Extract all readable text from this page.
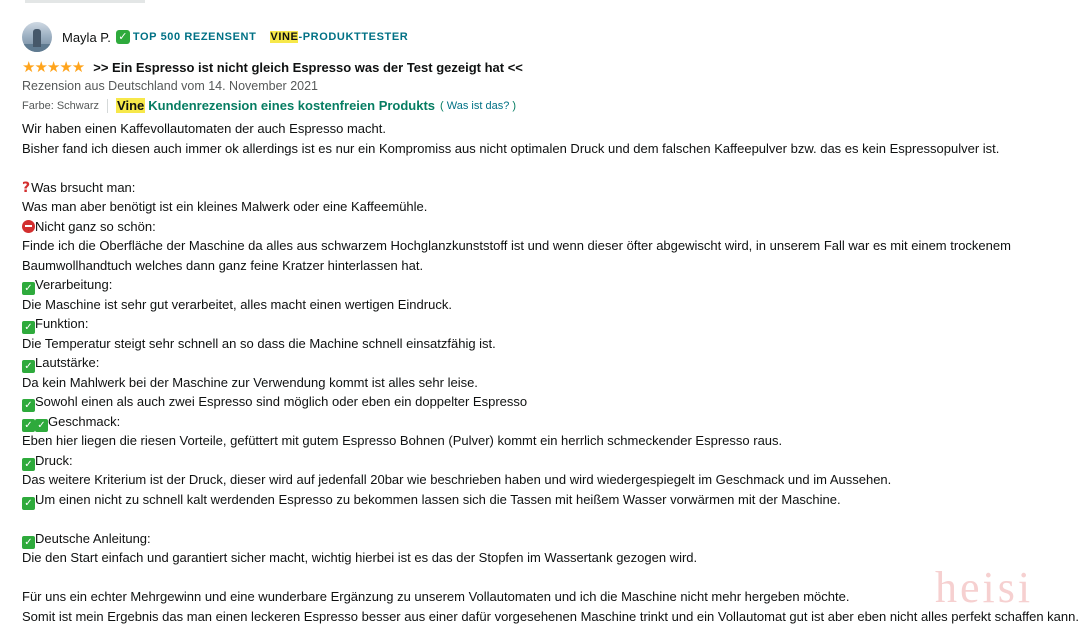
Mayla P. ✓ TOP 500 REZENSENT VINE-PRODUKTTESTER
★★★★★ >> Ein Espresso ist nicht gleich Espresso was der Test gezeigt hat <<
Rezension aus Deutschland vom 14. November 2021
Farbe: Schwarz Vine Kundenrezension eines kostenfreien Produkts ( Was ist das? )
Wir haben einen Kaffevollautomaten der auch Espresso macht.
Bisher fand ich diesen auch immer ok allerdings ist es nur ein Kompromiss aus nicht optimalen Druck und dem falschen Kaffeepulver bzw. das es kein Espressopulver ist.
?Was brsucht man:
Was man aber benötigt ist ein kleines Malwerk oder eine Kaffeemühle.
Nicht ganz so schön:
Finde ich die Oberfläche der Maschine da alles aus schwarzem Hochglanzkunststoff ist und wenn dieser öfter abgewischt wird, in unserem Fall war es mit einem trockenem
Baumwollhandtuch welches dann ganz feine Kratzer hinterlassen hat.
✓ Verarbeitung:
Die Maschine ist sehr gut verarbeitet, alles macht einen wertigen Eindruck.
✓ Funktion:
Die Temperatur steigt sehr schnell an so dass die Machine schnell einsatzfähig ist.
✓ Lautstärke:
Da kein Mahlwerk bei der Maschine zur Verwendung kommt ist alles sehr leise.
✓ Sowohl einen als auch zwei Espresso sind möglich oder eben ein doppelter Espresso
✓ ✓ Geschmack:
Eben hier liegen die riesen Vorteile, gefüttert mit gutem Espresso Bohnen (Pulver) kommt ein herrlich schmeckender Espresso raus.
✓ Druck:
Das weitere Kriterium ist der Druck, dieser wird auf jedenfall 20bar wie beschrieben haben und wird wiedergespiegelt im Geschmack und im Aussehen.
✓ Um einen nicht zu schnell kalt werdenden Espresso zu bekommen lassen sich die Tassen mit heißem Wasser vorwärmen mit der Maschine.
✓ Deutsche Anleitung:
Die den Start einfach und garantiert sicher macht, wichtig hierbei ist es das der Stopfen im Wassertank gezogen wird.
Für uns ein echter Mehrgewinn und eine wunderbare Ergänzung zu unserem Vollautomaten und ich die Maschine nicht mehr hergeben möchte.
Somit ist mein Ergebnis das man einen leckeren Espresso besser aus einer dafür vorgesehenen Maschine trinkt und ein Vollautomat gut ist aber eben nicht alles perfekt schaffen kann.
heisi
